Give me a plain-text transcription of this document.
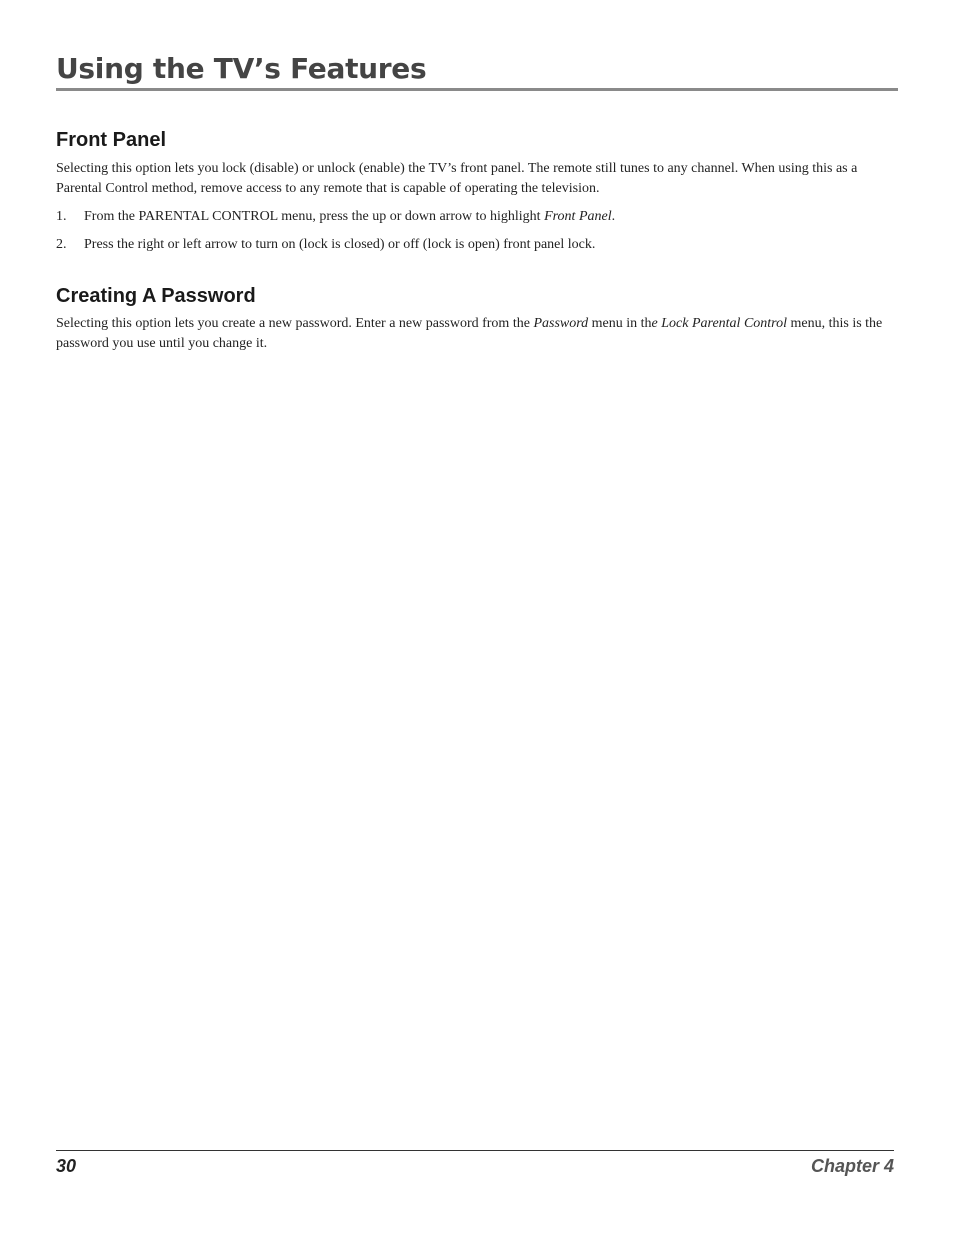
Using the TV’s Features
Front Panel

Selecting this option lets you lock (disable) or unlock (enable) the TV’s front panel. The remote still tunes to any channel. When using this as a Parental Control method, remove access to any remote that is capable of operating the television.

1. From the PARENTAL CONTROL menu, press the up or down arrow to highlight Front Panel.
2. Press the right or left arrow to turn on (lock is closed) or off (lock is open) front panel lock.
Creating A Password

Selecting this option lets you create a new password. Enter a new password from the Password menu in the Lock Parental Control menu, this is the password you use until you change it.

30	Chapter 4
